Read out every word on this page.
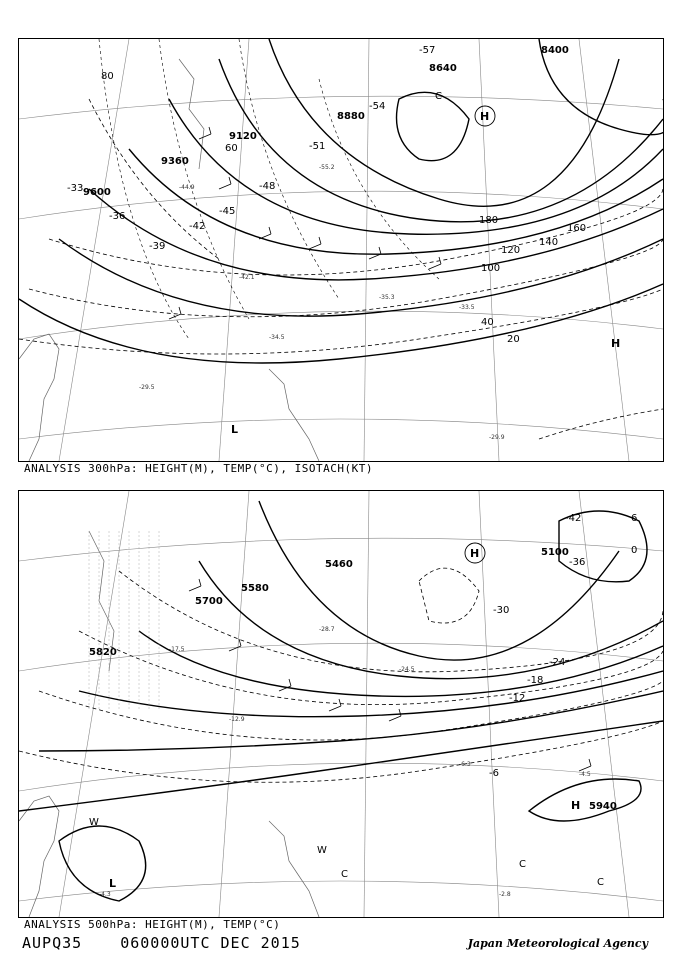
-44.9
-42.1
-55.2
-35.3
-33.5
-34.5
-29.9
-29.5
8640
8400
8880
9120
9360
9600
20
40
60
80
100
120
140
160
180
-33
-36
-39
-42
-45
-48
-51
-54
-57
H
H
L
C
ANALYSIS 300hPa: HEIGHT(M), TEMP(°C), ISOTACH(KT)
-17.5
-12.9
-28.7
-24.5
-6.3
-4.5
-2.8
-4.3
5100
5460
5580
5700
5820
5940
-42
-36
-30
-24
-18
-12
-6
0
6
H
H
L
W
W
C
C
C
ANALYSIS 500hPa: HEIGHT(M), TEMP(°C)
AUPQ35	060000UTC DEC 2015	Japan Meteorological Agency
